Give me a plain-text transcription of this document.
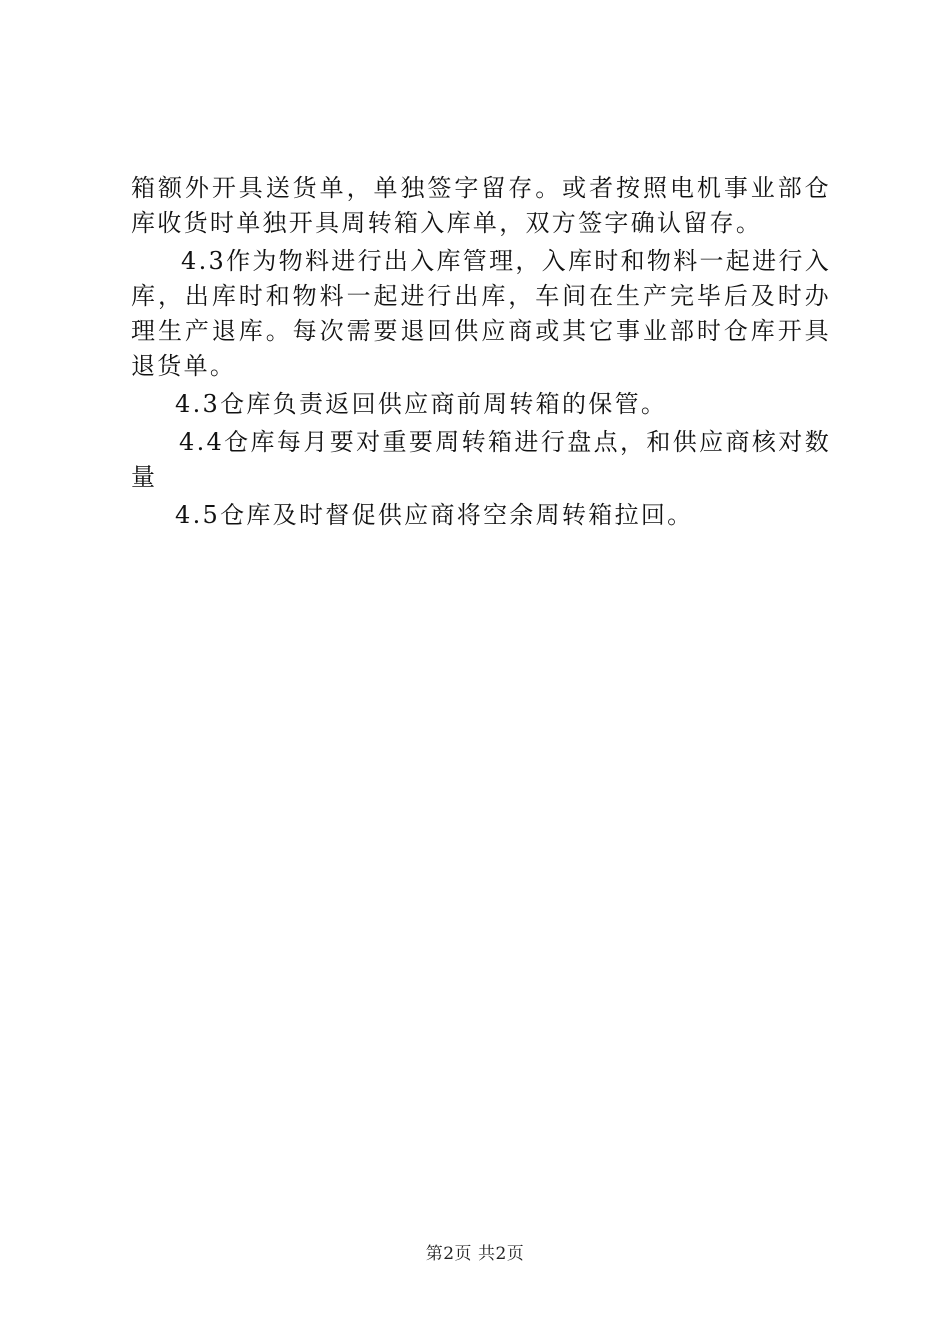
箱额外开具送货单，单独签字留存。或者按照电机事业部仓库收货时单独开具周转箱入库单，双方签字确认留存。

4.3作为物料进行出入库管理，入库时和物料一起进行入库，出库时和物料一起进行出库，车间在生产完毕后及时办理生产退库。每次需要退回供应商或其它事业部时仓库开具退货单。

4.3仓库负责返回供应商前周转箱的保管。

4.4仓库每月要对重要周转箱进行盘点，和供应商核对数量

4.5仓库及时督促供应商将空余周转箱拉回。

第2页 共2页
